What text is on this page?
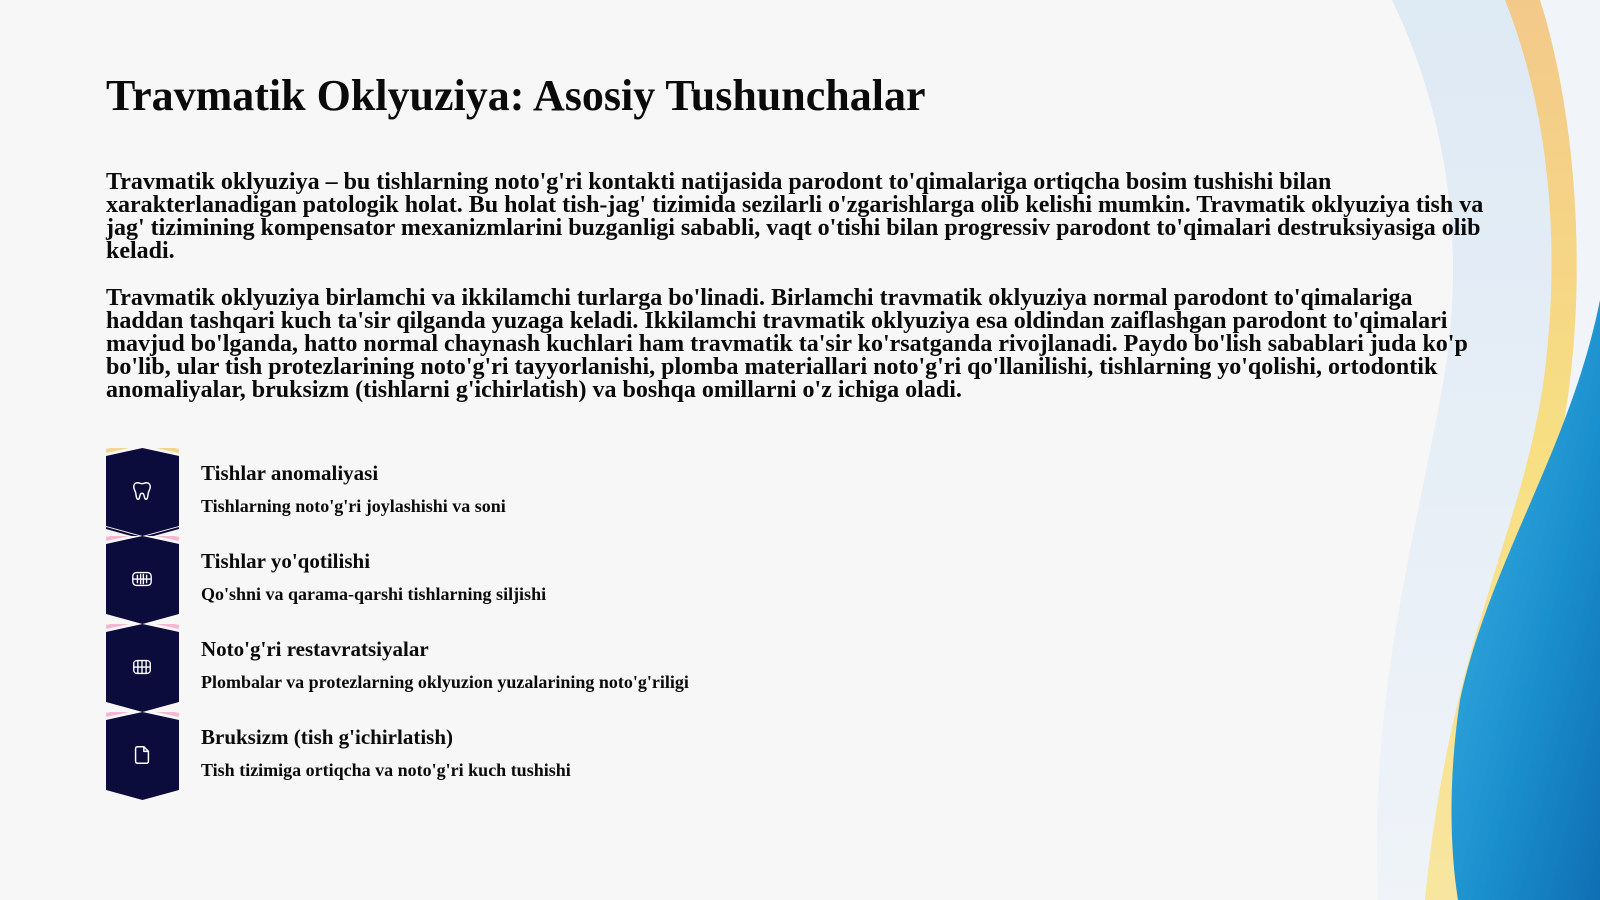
Travmatik Oklyuziya: Asosiy Tushunchalar

Travmatik oklyuziya – bu tishlarning noto'g'ri kontakti natijasida parodont to'qimalariga ortiqcha bosim tushishi bilan xarakterlanadigan patologik holat. Bu holat tish-jag' tizimida sezilarli o'zgarishlarga olib kelishi mumkin. Travmatik oklyuziya tish va jag' tizimining kompensator mexanizmlarini buzganligi sababli, vaqt o'tishi bilan progressiv parodont to'qimalari destruksiyasiga olib keladi.

Travmatik oklyuziya birlamchi va ikkilamchi turlarga bo'linadi. Birlamchi travmatik oklyuziya normal parodont to'qimalariga haddan tashqari kuch ta'sir qilganda yuzaga keladi. Ikkilamchi travmatik oklyuziya esa oldindan zaiflashgan parodont to'qimalari mavjud bo'lganda, hatto normal chaynash kuchlari ham travmatik ta'sir ko'rsatganda rivojlanadi. Paydo bo'lish sabablari juda ko'p bo'lib, ular tish protezlarining noto'g'ri tayyorlanishi, plomba materiallari noto'g'ri qo'llanilishi, tishlarning yo'qolishi, ortodontik anomaliyalar, bruksizm (tishlarni g'ichirlatish) va boshqa omillarni o'z ichiga oladi.

Tishlar anomaliyasi
Tishlarning noto'g'ri joylashishi va soni
Tishlar yo'qotilishi
Qo'shni va qarama-qarshi tishlarning siljishi
Noto'g'ri restavratsiyalar
Plombalar va protezlarning oklyuzion yuzalarining noto'g'riligi
Bruksizm (tish g'ichirlatish)
Tish tizimiga ortiqcha va noto'g'ri kuch tushishi
